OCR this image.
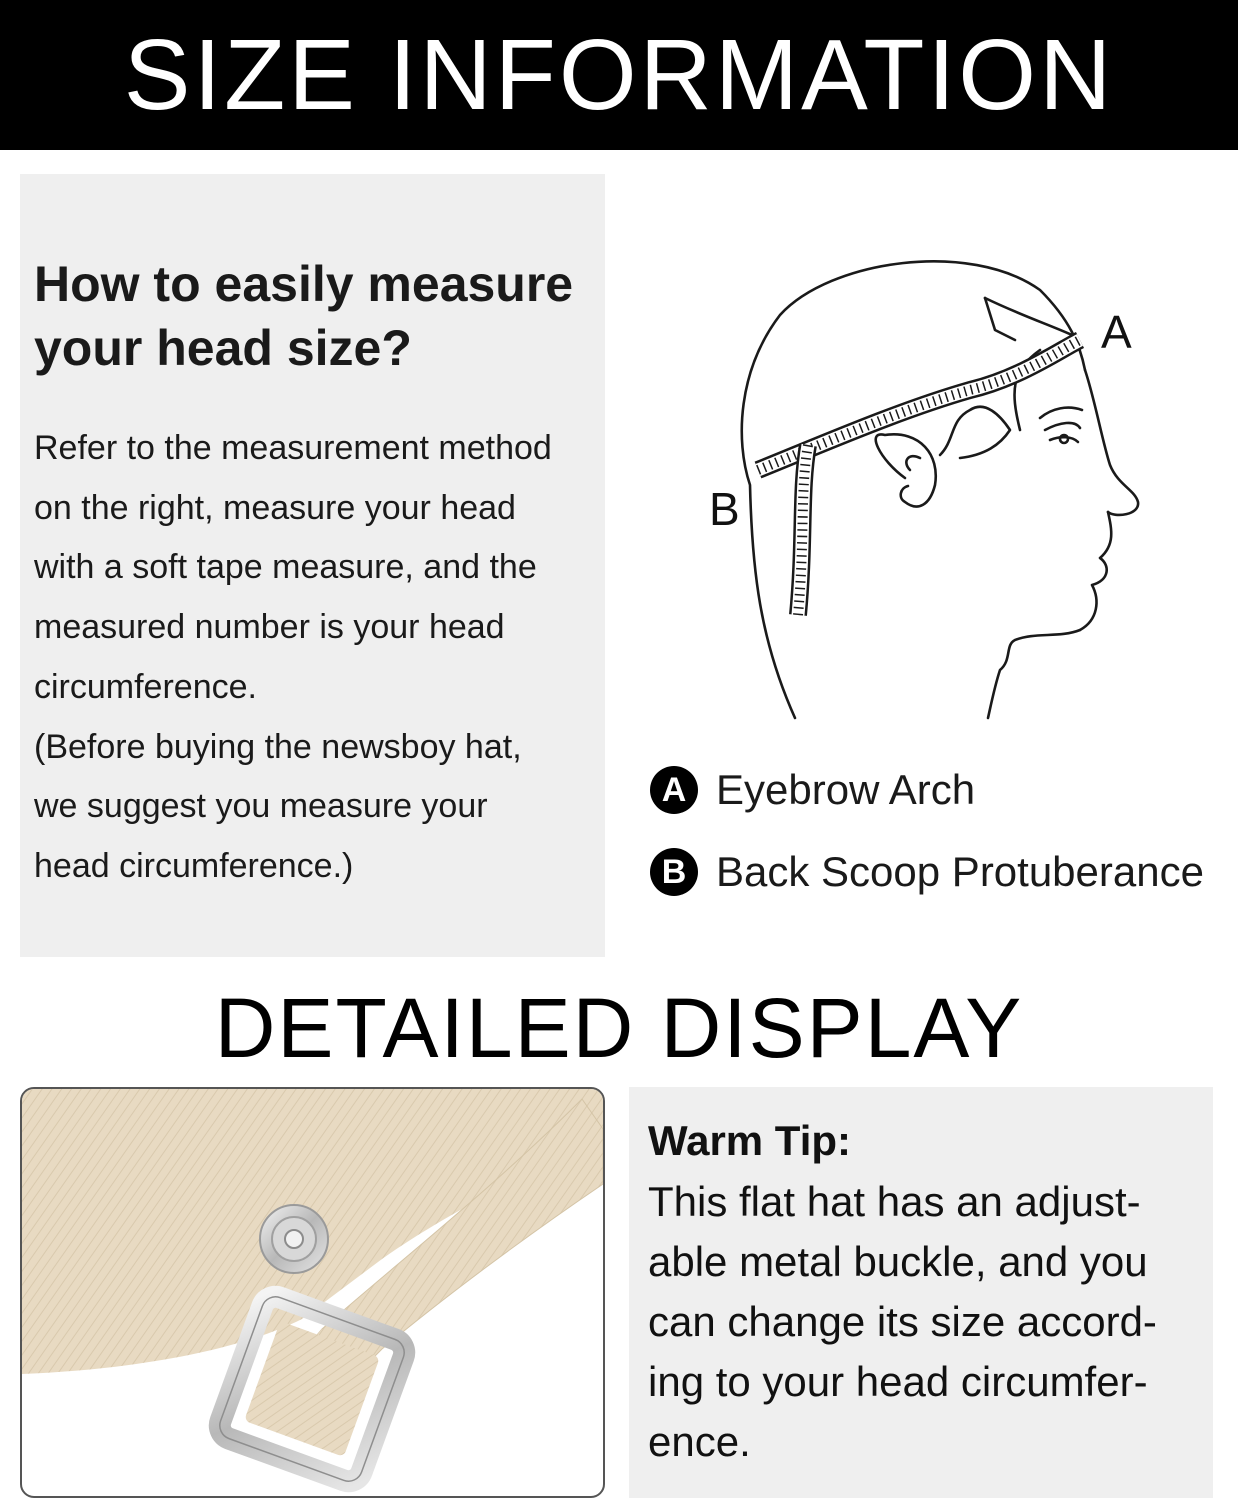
SIZE INFORMATION
How to easily measure
your head size?

Refer to the measurement method
on the right, measure your head
with a soft tape measure, and the
measured number is your head
circumference.
(Before buying the newsboy hat,
we suggest you measure your
head circumference.)

A
B
A Eyebrow Arch
B Back Scoop Protuberance
DETAILED DISPLAY
Warm Tip:

This flat hat has an adjust-
able metal buckle, and you
can change its size accord-
ing to your head circumfer-
ence.
